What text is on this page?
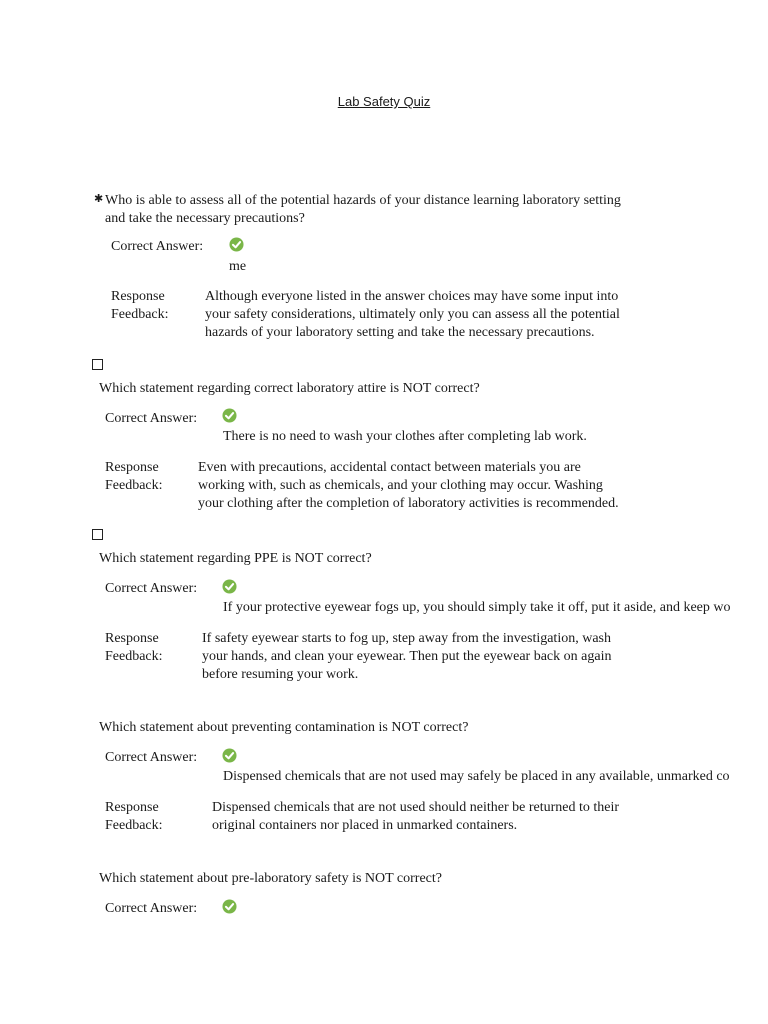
Lab Safety Quiz
✱ Who is able to assess all of the potential hazards of your distance learning laboratory setting
and take the necessary precautions?
Correct Answer:
me
Response
Feedback:
Although everyone listed in the answer choices may have some input into
your safety considerations, ultimately only you can assess all the potential
hazards of your laboratory setting and take the necessary precautions.
Which statement regarding correct laboratory attire is NOT correct?
Correct Answer:
There is no need to wash your clothes after completing lab work.
Response
Feedback:
Even with precautions, accidental contact between materials you are
working with, such as chemicals, and your clothing may occur. Washing
your clothing after the completion of laboratory activities is recommended.
Which statement regarding PPE is NOT correct?
Correct Answer:
If your protective eyewear fogs up, you should simply take it off, put it aside, and keep wo
Response
Feedback:
If safety eyewear starts to fog up, step away from the investigation, wash
your hands, and clean your eyewear. Then put the eyewear back on again
before resuming your work.
Which statement about preventing contamination is NOT correct?
Correct Answer:
Dispensed chemicals that are not used may safely be placed in any available, unmarked co
Response
Feedback:
Dispensed chemicals that are not used should neither be returned to their
original containers nor placed in unmarked containers.
Which statement about pre-laboratory safety is NOT correct?
Correct Answer:
